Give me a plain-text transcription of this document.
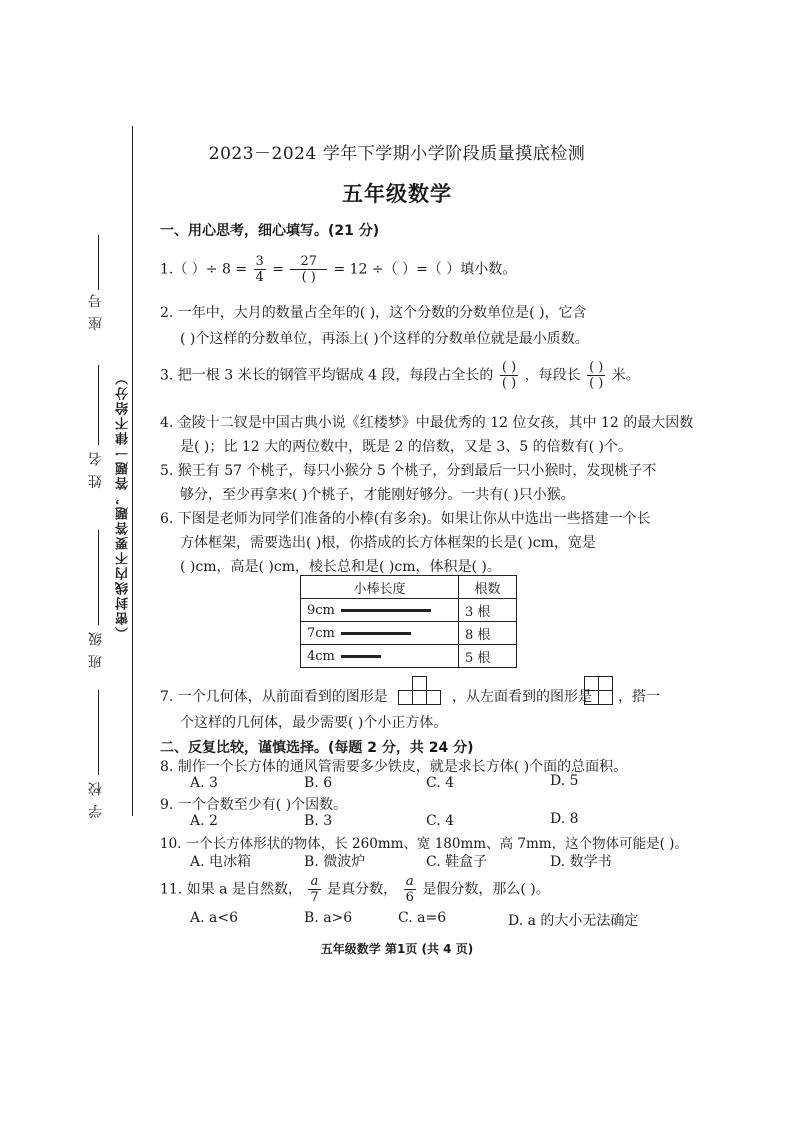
座 号
姓 名
班 级
学 校
（密封线内不要答题，答题一律不给分）
2023－2024 学年下学期小学阶段质量摸底检测
五年级数学
一、用心思考，细心填写。(21 分)
1.（ ）÷ $8 = \frac{3}{4} = \frac{27}{( )} = 12$ ÷（ ）=（ ）填小数。
2. 一年中，大月的数量占全年的( )，这个分数的分数单位是( )，它含
( )个这样的分数单位，再添上( )个这样的分数单位就是最小质数。
3. 把一根 3 米长的钢管平均锯成 4 段，每段占全长的 $\frac{( )}{( )}$ ，每段长 $\frac{( )}{( )}$ 米。
4. 金陵十二钗是中国古典小说《红楼梦》中最优秀的 12 位女孩，其中 12 的最大因数
是( )；比 12 大的两位数中，既是 2 的倍数，又是 3、5 的倍数有( )个。
5. 猴王有 57 个桃子，每只小猴分 5 个桃子，分到最后一只小猴时，发现桃子不
够分，至少再拿来( )个桃子，才能刚好够分。一共有( )只小猴。
6. 下图是老师为同学们准备的小棒(有多余)。如果让你从中选出一些搭建一个长
方体框架，需要选出( )根，你搭成的长方体框架的长是( )cm，宽是
( )cm，高是( )cm，棱长总和是( )cm，体积是( )。
小棒长度	根数
9cm	3 根
7cm	8 根
4cm	5 根
7. 一个几何体，从前面看到的图形是	，从左面看到的图形是 ，搭一
个这样的几何体，最少需要( )个小正方体。
二、反复比较，谨慎选择。(每题 2 分，共 24 分)
8. 制作一个长方体的通风管需要多少铁皮，就是求长方体( )个面的总面积。
A. 3	B. 6	C. 4	D. 5
9. 一个合数至少有( )个因数。
A. 2	B. 3	C. 4	D. 8
10. 一个长方体形状的物体，长 260mm、宽 180mm、高 7mm，这个物体可能是( )。
A. 电冰箱	B. 微波炉	C. 鞋盒子	D. 数学书
11. 如果 a 是自然数， $\frac{a}{7}$ 是真分数， $\frac{a}{6}$ 是假分数，那么( )。
A. a<6	B. a>6	C. a=6	D. a 的大小无法确定
五年级数学 第1页 (共 4 页)
